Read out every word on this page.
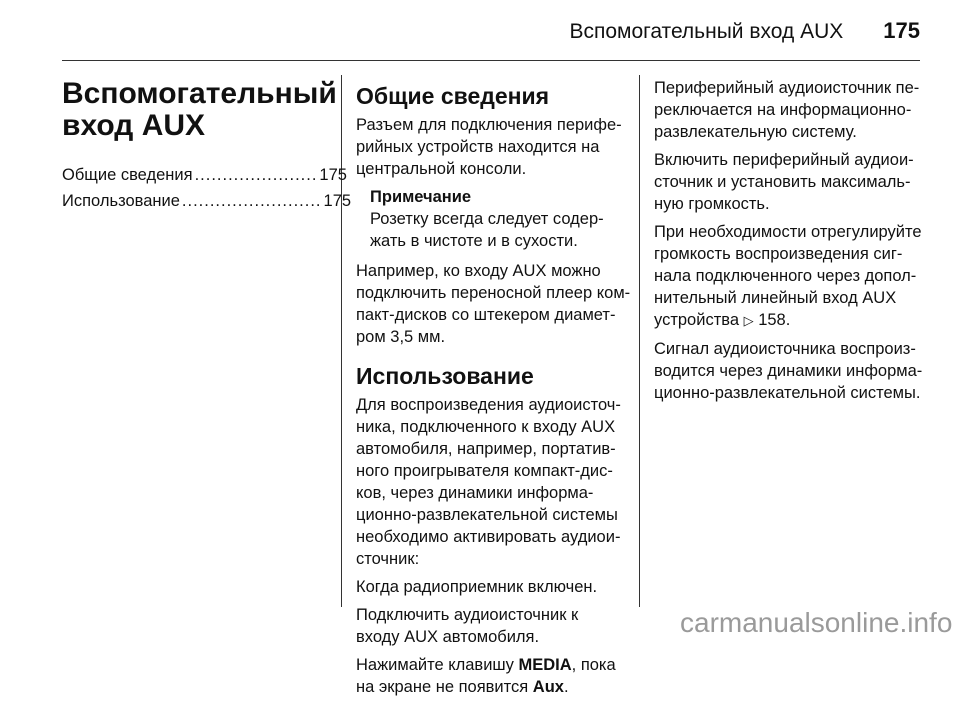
Вспомогательный вход AUX 175
Вспомогательный
вход AUX
Общие сведения ...................... 175
Использование ......................... 175
Общие сведения

Разъем для подключения перифе-
рийных устройств находится на
центральной консоли.

Примечание
Розетку всегда следует содер-
жать в чистоте и в сухости.

Например, ко входу AUX можно
подключить переносной плеер ком-
пакт-дисков со штекером диамет-
ром 3,5 мм.

Использование

Для воспроизведения аудиоисточ-
ника, подключенного к входу AUX
автомобиля, например, портатив-
ного проигрывателя компакт-дис-
ков, через динамики информа-
ционно-развлекательной системы
необходимо активировать аудиои-
сточник:

Когда радиоприемник включен.

Подключить аудиоисточник к
входу AUX автомобиля.

Нажимайте клавишу MEDIA, пока
на экране не появится Aux.

Периферийный аудиоисточник пе-
реключается на информационно-
развлекательную систему.

Включить периферийный аудиои-
сточник и установить максималь-
ную громкость.

При необходимости отрегулируйте
громкость воспроизведения сиг-
нала подключенного через допол-
нительный линейный вход AUX
устройства ▷ 158.

Сигнал аудиоисточника воспроиз-
водится через динамики информа-
ционно-развлекательной системы.

carmanualsonline.info
